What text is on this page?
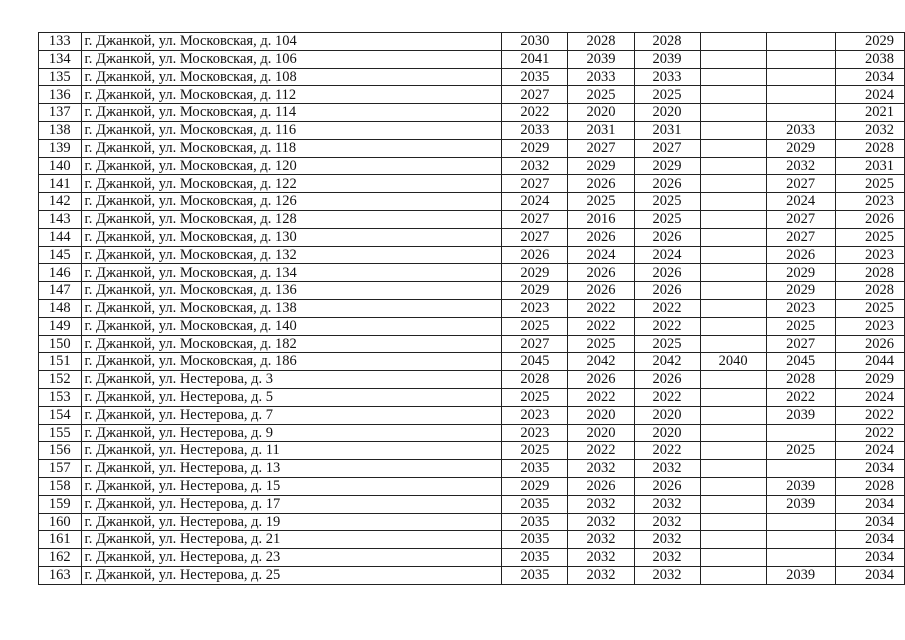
133	г. Джанкой, ул. Московская, д. 104	2030	2028	2028			2029
134	г. Джанкой, ул. Московская, д. 106	2041	2039	2039			2038
135	г. Джанкой, ул. Московская, д. 108	2035	2033	2033			2034
136	г. Джанкой, ул. Московская, д. 112	2027	2025	2025			2024
137	г. Джанкой, ул. Московская, д. 114	2022	2020	2020			2021
138	г. Джанкой, ул. Московская, д. 116	2033	2031	2031		2033	2032
139	г. Джанкой, ул. Московская, д. 118	2029	2027	2027		2029	2028
140	г. Джанкой, ул. Московская, д. 120	2032	2029	2029		2032	2031
141	г. Джанкой, ул. Московская, д. 122	2027	2026	2026		2027	2025
142	г. Джанкой, ул. Московская, д. 126	2024	2025	2025		2024	2023
143	г. Джанкой, ул. Московская, д. 128	2027	2016	2025		2027	2026
144	г. Джанкой, ул. Московская, д. 130	2027	2026	2026		2027	2025
145	г. Джанкой, ул. Московская, д. 132	2026	2024	2024		2026	2023
146	г. Джанкой, ул. Московская, д. 134	2029	2026	2026		2029	2028
147	г. Джанкой, ул. Московская, д. 136	2029	2026	2026		2029	2028
148	г. Джанкой, ул. Московская, д. 138	2023	2022	2022		2023	2025
149	г. Джанкой, ул. Московская, д. 140	2025	2022	2022		2025	2023
150	г. Джанкой, ул. Московская, д. 182	2027	2025	2025		2027	2026
151	г. Джанкой, ул. Московская, д. 186	2045	2042	2042	2040	2045	2044
152	г. Джанкой, ул. Нестерова, д. 3	2028	2026	2026		2028	2029
153	г. Джанкой, ул. Нестерова, д. 5	2025	2022	2022		2022	2024
154	г. Джанкой, ул. Нестерова, д. 7	2023	2020	2020		2039	2022
155	г. Джанкой, ул. Нестерова, д. 9	2023	2020	2020			2022
156	г. Джанкой, ул. Нестерова, д. 11	2025	2022	2022		2025	2024
157	г. Джанкой, ул. Нестерова, д. 13	2035	2032	2032			2034
158	г. Джанкой, ул. Нестерова, д. 15	2029	2026	2026		2039	2028
159	г. Джанкой, ул. Нестерова, д. 17	2035	2032	2032		2039	2034
160	г. Джанкой, ул. Нестерова, д. 19	2035	2032	2032			2034
161	г. Джанкой, ул. Нестерова, д. 21	2035	2032	2032			2034
162	г. Джанкой, ул. Нестерова, д. 23	2035	2032	2032			2034
163	г. Джанкой, ул. Нестерова, д. 25	2035	2032	2032		2039	2034
